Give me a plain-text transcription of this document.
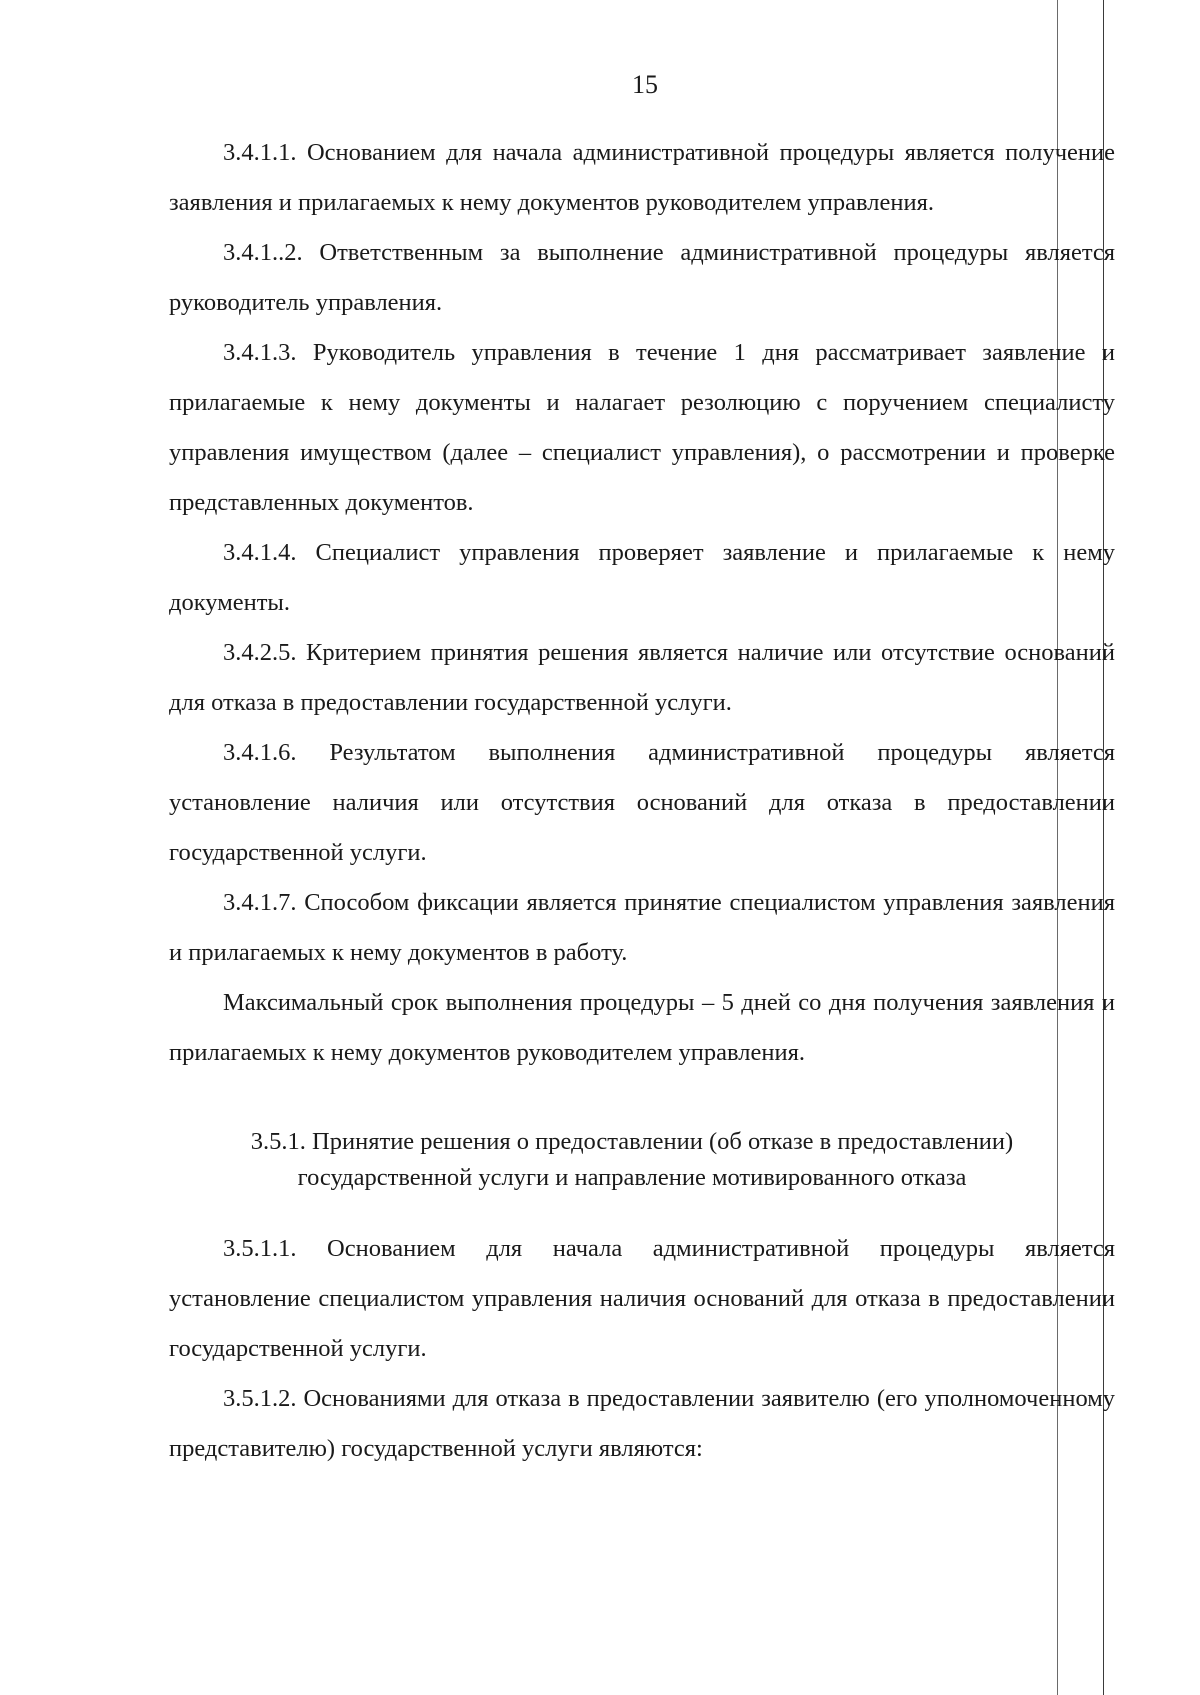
15

3.4.1.1. Основанием для начала административной процедуры является получение заявления и прилагаемых к нему документов руководителем управления.

3.4.1..2. Ответственным за выполнение административной процедуры является руководитель управления.

3.4.1.3. Руководитель управления в течение 1 дня рассматривает заявление и прилагаемые к нему документы и налагает резолюцию с поручением специалисту управления имуществом (далее – специалист управления), о рассмотрении и проверке представленных документов.

3.4.1.4. Специалист управления проверяет заявление и прилагаемые к нему документы.

3.4.2.5. Критерием принятия решения является наличие или отсутствие оснований для отказа в предоставлении государственной услуги.

3.4.1.6. Результатом выполнения административной процедуры является установление наличия или отсутствия оснований для отказа в предоставлении государственной услуги.

3.4.1.7. Способом фиксации является принятие специалистом управления заявления и прилагаемых к нему документов в работу.

Максимальный срок выполнения процедуры – 5 дней со дня получения заявления и прилагаемых к нему документов руководителем управления.

3.5.1. Принятие решения о предоставлении (об отказе в предоставлении)
государственной услуги и направление мотивированного отказа

3.5.1.1. Основанием для начала административной процедуры является установление специалистом управления наличия оснований для отказа в предоставлении государственной услуги.

3.5.1.2. Основаниями для отказа в предоставлении заявителю (его уполномоченному представителю) государственной услуги являются:
